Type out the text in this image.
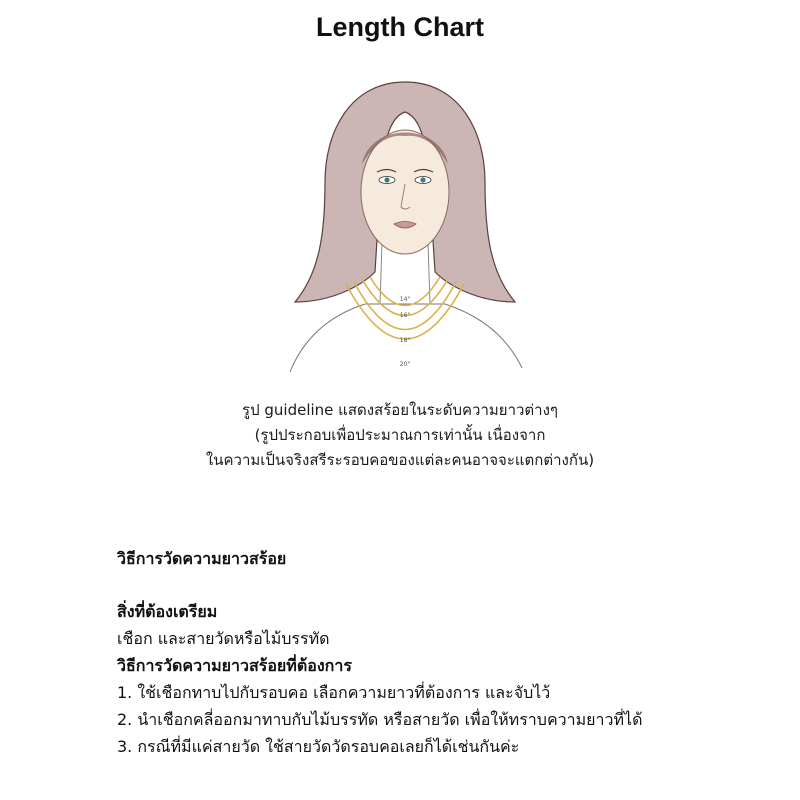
Length Chart
14"
16"
18"
20"
รูป guideline แสดงสร้อยในระดับความยาวต่างๆ
(รูปประกอบเพื่อประมาณการเท่านั้น เนื่องจาก
ในความเป็นจริงสรีระรอบคอของแต่ละคนอาจจะแตกต่างกัน)
วิธีการวัดความยาวสร้อย
สิ่งที่ต้องเตรียม
เชือก และสายวัดหรือไม้บรรทัด
วิธีการวัดความยาวสร้อยที่ต้องการ
1. ใช้เชือกทาบไปกับรอบคอ เลือกความยาวที่ต้องการ และจับไว้
2. นำเชือกคลี่ออกมาทาบกับไม้บรรทัด หรือสายวัด เพื่อให้ทราบความยาวที่ได้
3. กรณีที่มีแค่สายวัด ใช้สายวัดวัดรอบคอเลยก็ได้เช่นกันค่ะ
